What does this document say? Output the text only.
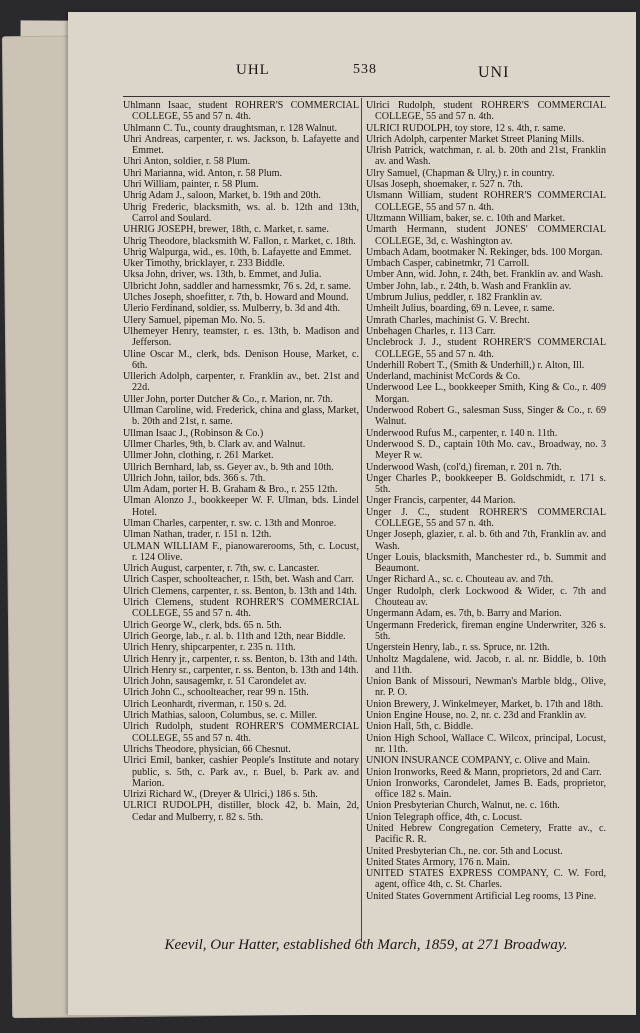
UHL	538	UNI
Uhlmann Isaac, student ROHRER'S COMMERCIAL COLLEGE, 55 and 57 n. 4th.
Uhlmann C. Tu., county draughtsman, r. 128 Walnut.
Uhri Andreas, carpenter, r. ws. Jackson, b. Lafayette and Emmet.
Uhri Anton, soldier, r. 58 Plum.
Uhri Marianna, wid. Anton, r. 58 Plum.
Uhri William, painter, r. 58 Plum.
Uhrig Adam J., saloon, Market, b. 19th and 20th.
Uhrig Frederic, blacksmith, ws. al. b. 12th and 13th, Carrol and Soulard.
UHRIG JOSEPH, brewer, 18th, c. Market, r. same.
Uhrig Theodore, blacksmith W. Fallon, r. Market, c. 18th.
Uhrig Walpurga, wid., es. 10th, b. Lafayette and Emmet.
Uker Timothy, bricklayer, r. 233 Biddle.
Uksa John, driver, ws. 13th, b. Emmet, and Julia.
Ulbricht John, saddler and harnessmkr, 76 s. 2d, r. same.
Ulches Joseph, shoefitter, r. 7th, b. Howard and Mound.
Ulerio Ferdinand, soldier, ss. Mulberry, b. 3d and 4th.
Ulery Samuel, pipeman Mo. No. 5.
Ulhemeyer Henry, teamster, r. es. 13th, b. Madison and Jefferson.
Uline Oscar M., clerk, bds. Denison House, Market, c. 6th.
Ullerich Adolph, carpenter, r. Franklin av., bet. 21st and 22d.
Uller John, porter Dutcher & Co., r. Marion, nr. 7th.
Ullman Caroline, wid. Frederick, china and glass, Market, b. 20th and 21st, r. same.
Ullman Isaac J., (Robinson & Co.)
Ullmer Charles, 9th, b. Clark av. and Walnut.
Ullmer John, clothing, r. 261 Market.
Ullrich Bernhard, lab, ss. Geyer av., b. 9th and 10th.
Ullrich John, tailor, bds. 366 s. 7th.
Ulm Adam, porter H. B. Graham & Bro., r. 255 12th.
Ulman Alonzo J., bookkeeper W. F. Ulman, bds. Lindel Hotel.
Ulman Charles, carpenter, r. sw. c. 13th and Monroe.
Ulman Nathan, trader, r. 151 n. 12th.
ULMAN WILLIAM F., pianowarerooms, 5th, c. Locust, r. 124 Olive.
Ulrich August, carpenter, r. 7th, sw. c. Lancaster.
Ulrich Casper, schoolteacher, r. 15th, bet. Wash and Carr.
Ulrich Clemens, carpenter, r. ss. Benton, b. 13th and 14th.
Ulrich Clemens, student ROHRER'S COMMERCIAL COLLEGE, 55 and 57 n. 4th.
Ulrich George W., clerk, bds. 65 n. 5th.
Ulrich George, lab., r. al. b. 11th and 12th, near Biddle.
Ulrich Henry, shipcarpenter, r. 235 n. 11th.
Ulrich Henry jr., carpenter, r. ss. Benton, b. 13th and 14th.
Ulrich Henry sr., carpenter, r. ss. Benton, b. 13th and 14th.
Ulrich John, sausagemkr, r. 51 Carondelet av.
Ulrich John C., schoolteacher, rear 99 n. 15th.
Ulrich Leonhardt, riverman, r. 150 s. 2d.
Ulrich Mathias, saloon, Columbus, se. c. Miller.
Ulrich Rudolph, student ROHRER'S COMMERCIAL COLLEGE, 55 and 57 n. 4th.
Ulrichs Theodore, physician, 66 Chesnut.
Ulrici Emil, banker, cashier People's Institute and notary public, s. 5th, c. Park av., r. Buel, b. Park av. and Marion.
Ulrizi Richard W., (Dreyer & Ulrici,) 186 s. 5th.
ULRICI RUDOLPH, distiller, block 42, b. Main, 2d, Cedar and Mulberry, r. 82 s. 5th.
Ulrici Rudolph, student ROHRER'S COMMERCIAL COLLEGE, 55 and 57 n. 4th.
ULRICI RUDOLPH, toy store, 12 s. 4th, r. same.
Ulrich Adolph, carpenter Market Street Planing Mills.
Ulrish Patrick, watchman, r. al. b. 20th and 21st, Franklin av. and Wash.
Ulry Samuel, (Chapman & Ulry,) r. in country.
Ulsas Joseph, shoemaker, r. 527 n. 7th.
Ulsmann William, student ROHRER'S COMMERCIAL COLLEGE, 55 and 57 n. 4th.
Ultzmann William, baker, se. c. 10th and Market.
Umarth Hermann, student JONES' COMMERCIAL COLLEGE, 3d, c. Washington av.
Umbach Adam, bootmaker N. Rekinger, bds. 100 Morgan.
Umbach Casper, cabinetmkr, 71 Carroll.
Umber Ann, wid. John, r. 24th, bet. Franklin av. and Wash.
Umber John, lab., r. 24th, b. Wash and Franklin av.
Umbrum Julius, peddler, r. 182 Franklin av.
Umheilt Julius, boarding, 69 n. Levee, r. same.
Umrath Charles, machinist G. V. Brecht.
Unbehagen Charles, r. 113 Carr.
Unclebrock J. J., student ROHRER'S COMMERCIAL COLLEGE, 55 and 57 n. 4th.
Underhill Robert T., (Smith & Underhill,) r. Alton, Ill.
Underland, machinist McCords & Co.
Underwood Lee L., bookkeeper Smith, King & Co., r. 409 Morgan.
Underwood Robert G., salesman Suss, Singer & Co., r. 69 Walnut.
Underwood Rufus M., carpenter, r. 140 n. 11th.
Underwood S. D., captain 10th Mo. cav., Broadway, no. 3 Meyer R w.
Underwood Wash, (col'd,) fireman, r. 201 n. 7th.
Unger Charles P., bookkeeper B. Goldschmidt, r. 171 s. 5th.
Unger Francis, carpenter, 44 Marion.
Unger J. C., student ROHRER'S COMMERCIAL COLLEGE, 55 and 57 n. 4th.
Unger Joseph, glazier, r. al. b. 6th and 7th, Franklin av. and Wash.
Unger Louis, blacksmith, Manchester rd., b. Summit and Beaumont.
Unger Richard A., sc. c. Chouteau av. and 7th.
Unger Rudolph, clerk Lockwood & Wider, c. 7th and Chouteau av.
Ungermann Adam, es. 7th, b. Barry and Marion.
Ungermann Frederick, fireman engine Underwriter, 326 s. 5th.
Ungerstein Henry, lab., r. ss. Spruce, nr. 12th.
Unholtz Magdalene, wid. Jacob, r. al. nr. Biddle, b. 10th and 11th.
Union Bank of Missouri, Newman's Marble bldg., Olive, nr. P. O.
Union Brewery, J. Winkelmeyer, Market, b. 17th and 18th.
Union Engine House, no. 2, nr. c. 23d and Franklin av.
Union Hall, 5th, c. Biddle.
Union High School, Wallace C. Wilcox, principal, Locust, nr. 11th.
UNION INSURANCE COMPANY, c. Olive and Main.
Union Ironworks, Reed & Mann, proprietors, 2d and Carr.
Union Ironworks, Carondelet, James B. Eads, proprietor, office 182 s. Main.
Union Presbyterian Church, Walnut, ne. c. 16th.
Union Telegraph office, 4th, c. Locust.
United Hebrew Congregation Cemetery, Fratte av., c. Pacific R. R.
United Presbyterian Ch., ne. cor. 5th and Locust.
United States Armory, 176 n. Main.
UNITED STATES EXPRESS COMPANY, C. W. Ford, agent, office 4th, c. St. Charles.
United States Government Artificial Leg rooms, 13 Pine.
Keevil, Our Hatter, established 6th March, 1859, at 271 Broadway.
